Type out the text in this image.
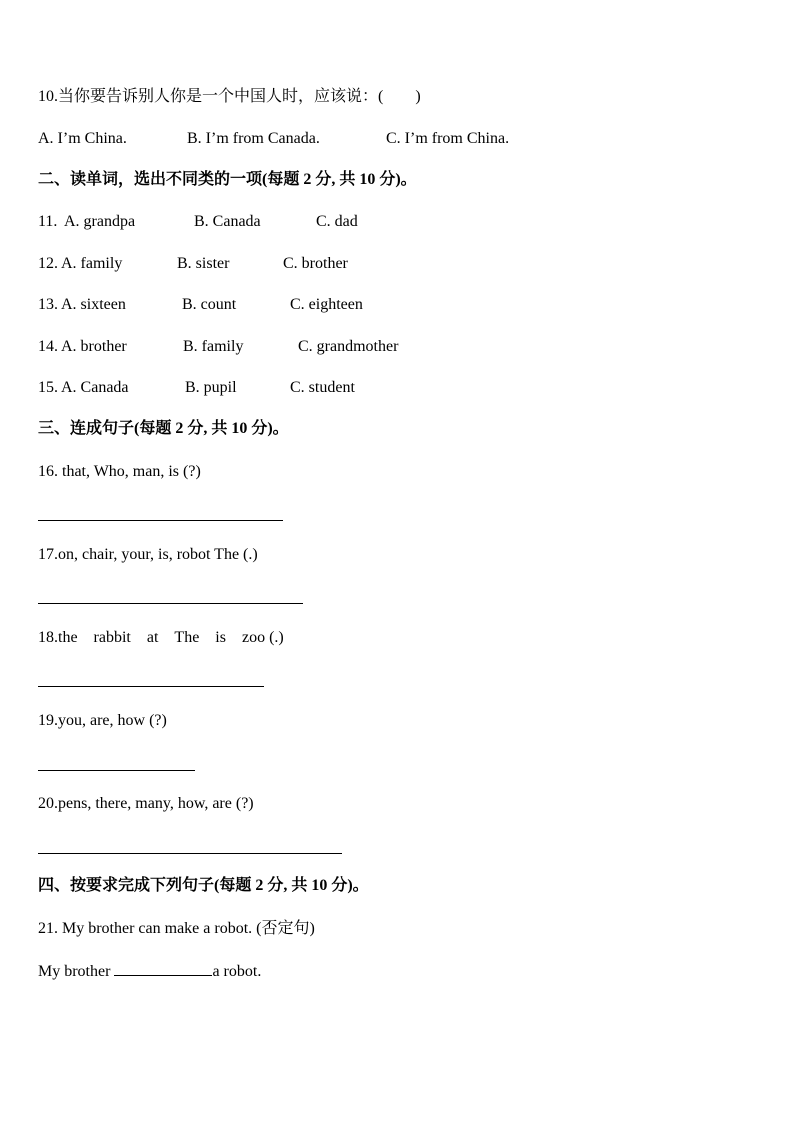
10.当你要告诉别人你是一个中国人时，应该说：(　　)
A. I’m China.	B. I’m from Canada.	C. I’m from China.
二、读单词，选出不同类的一项(每题 2 分, 共 10 分)。
11. A. grandpa	B. Canada	C. dad
12. A. family	B. sister	C. brother
13. A. sixteen	B. count	C. eighteen
14. A. brother	B. family	C. grandmother
15. A. Canada	B. pupil	C. student
三、连成句子(每题 2 分, 共 10 分)。
16. that, Who, man, is (?)
17.on, chair, your, is, robot The (.)
18.the　rabbit　at　The　is　zoo (.)
19.you, are, how (?)
20.pens, there, many, how, are (?)
四、按要求完成下列句子(每题 2 分, 共 10 分)。
21. My brother can make a robot. (否定句)
My brother	a robot.
